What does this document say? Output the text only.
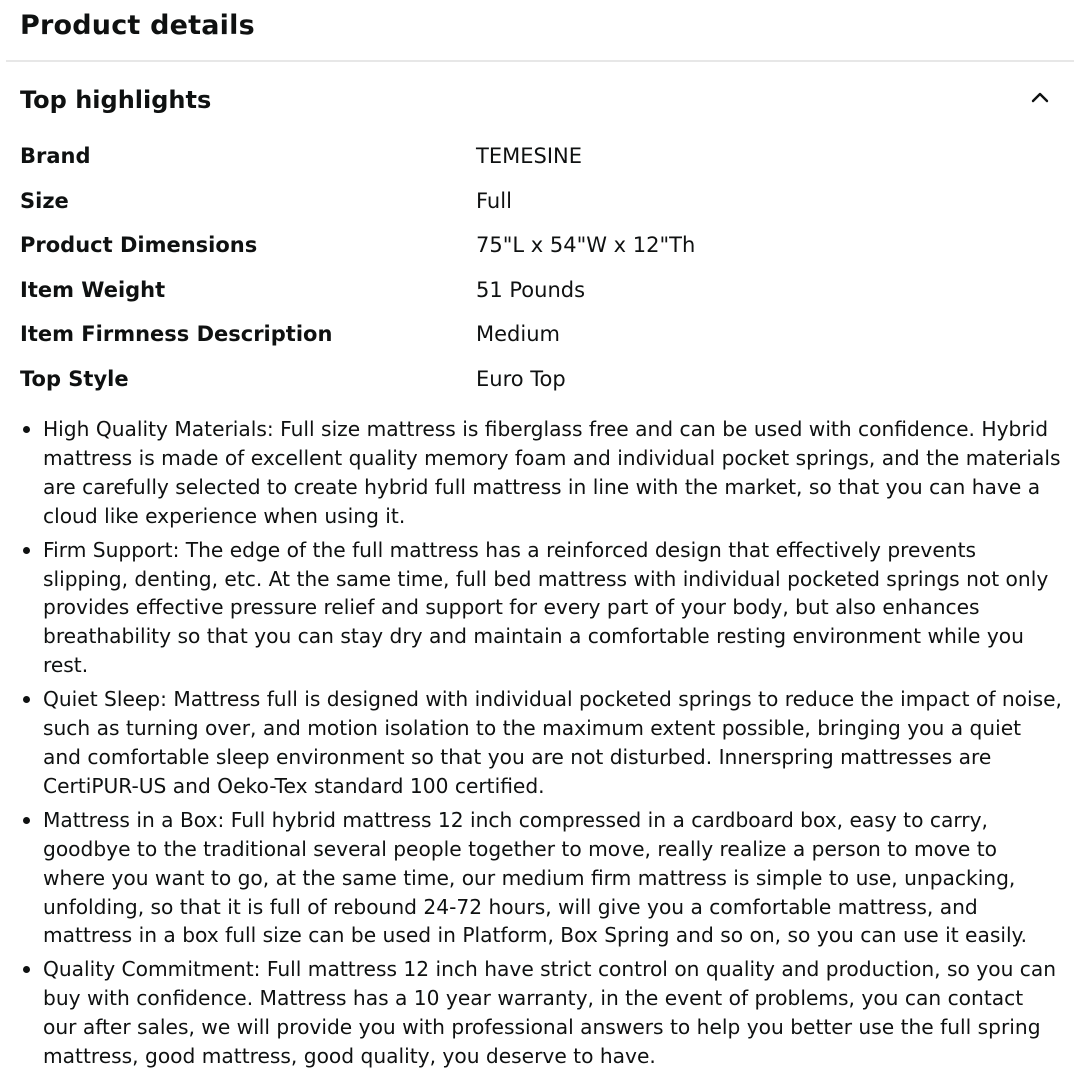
Product details
Top highlights
Brand	TEMESINE
Size	Full
Product Dimensions	75"L x 54"W x 12"Th
Item Weight	51 Pounds
Item Firmness Description	Medium
Top Style	Euro Top
High Quality Materials: Full size mattress is fiberglass free and can be used with confidence. Hybrid mattress is made of excellent quality memory foam and individual pocket springs, and the materials are carefully selected to create hybrid full mattress in line with the market, so that you can have a cloud like experience when using it.
Firm Support: The edge of the full mattress has a reinforced design that effectively prevents slipping, denting, etc. At the same time, full bed mattress with individual pocketed springs not only provides effective pressure relief and support for every part of your body, but also enhances breathability so that you can stay dry and maintain a comfortable resting environment while you rest.
Quiet Sleep: Mattress full is designed with individual pocketed springs to reduce the impact of noise, such as turning over, and motion isolation to the maximum extent possible, bringing you a quiet and comfortable sleep environment so that you are not disturbed. Innerspring mattresses are CertiPUR-US and Oeko-Tex standard 100 certified.
Mattress in a Box: Full hybrid mattress 12 inch compressed in a cardboard box, easy to carry, goodbye to the traditional several people together to move, really realize a person to move to where you want to go, at the same time, our medium firm mattress is simple to use, unpacking, unfolding, so that it is full of rebound 24-72 hours, will give you a comfortable mattress, and mattress in a box full size can be used in Platform, Box Spring and so on, so you can use it easily.
Quality Commitment: Full mattress 12 inch have strict control on quality and production, so you can buy with confidence. Mattress has a 10 year warranty, in the event of problems, you can contact our after sales, we will provide you with professional answers to help you better use the full spring mattress, good mattress, good quality, you deserve to have.
